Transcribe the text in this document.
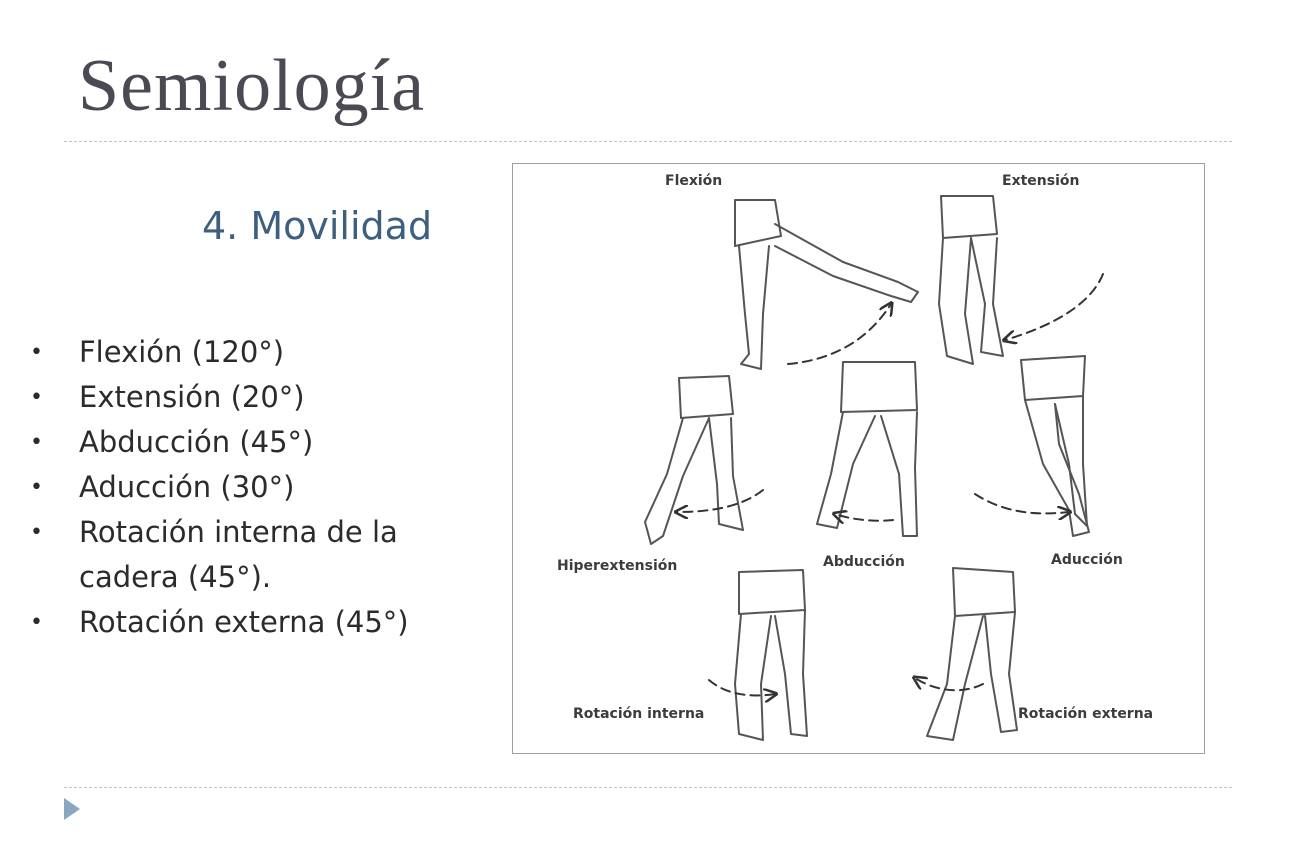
Semiología
4. Movilidad
• Flexión (120°)
• Extensión (20°)
• Abducción (45°)
• Aducción (30°)
• Rotación interna de la cadera (45°).
• Rotación externa (45°)
Flexión	Extensión
Hiperextensión	Abducción	Aducción
Rotación interna	Rotación externa
